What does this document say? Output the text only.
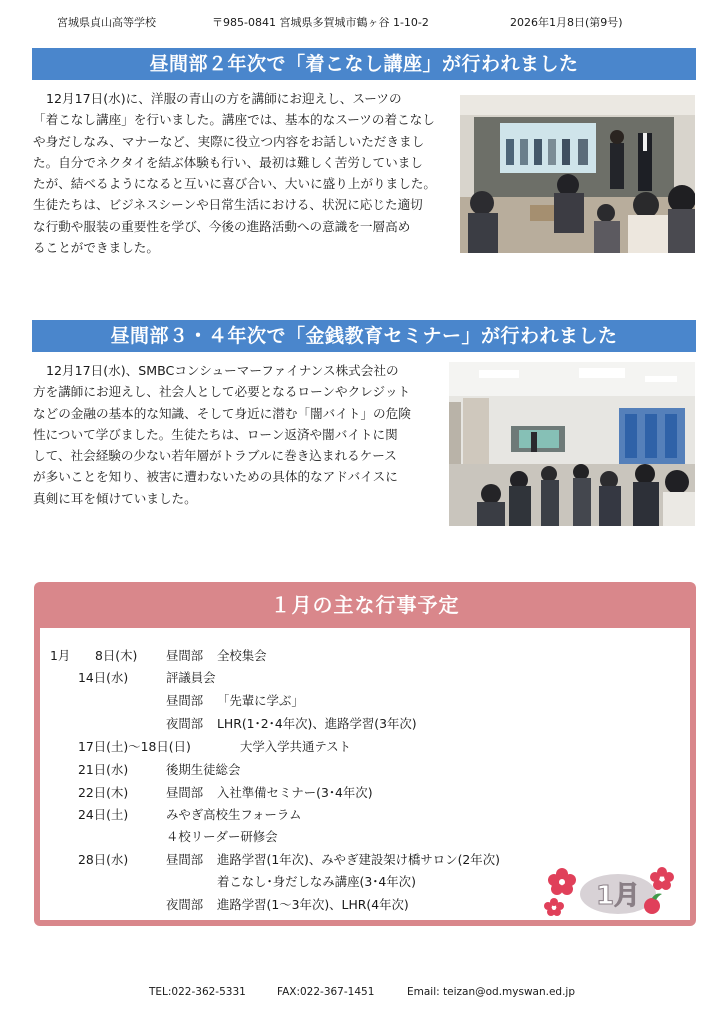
宮城県貞山高等学校	〒985-0841 宮城県多賀城市鶴ヶ谷 1-10-2	2026年1月8日(第9号)
昼間部２年次で「着こなし講座」が行われました
12月17日(水)に、洋服の青山の方を講師にお迎えし、スーツの
「着こなし講座」を行いました。講座では、基本的なスーツの着こなし
や身だしなみ、マナーなど、実際に役立つ内容をお話しいただきまし
た。自分でネクタイを結ぶ体験も行い、最初は難しく苦労していまし
たが、結べるようになると互いに喜び合い、大いに盛り上がりました。
生徒たちは、ビジネスシーンや日常生活における、状況に応じた適切
な行動や服装の重要性を学び、今後の進路活動への意識を一層高め
ることができました。
昼間部３・４年次で「金銭教育セミナー」が行われました
12月17日(水)、SMBCコンシューマーファイナンス株式会社の
方を講師にお迎えし、社会人として必要となるローンやクレジット
などの金融の基本的な知識、そして身近に潜む「闇バイト」の危険
性について学びました。生徒たちは、ローン返済や闇バイトに関
して、社会経験の少ない若年層がトラブルに巻き込まれるケース
が多いことを知り、被害に遭わないための具体的なアドバイスに
真剣に耳を傾けていました。
１月の主な行事予定
1月 8日(木) 昼間部 全校集会
14日(水)	評議員会
昼間部 「先輩に学ぶ」
夜間部 LHR(1･2･4年次)、進路学習(3年次)
17日(土)～18日(日)	大学入学共通テスト
21日(水)	後期生徒総会
22日(木)	昼間部 入社準備セミナー(3･4年次)
24日(土)	みやぎ高校生フォーラム
４校リーダー研修会
28日(水)	昼間部 進路学習(1年次)、みやぎ建設架け橋サロン(2年次)
着こなし･身だしなみ講座(3･4年次)
夜間部 進路学習(1～3年次)、LHR(4年次)	1月
TEL:022-362-5331	FAX:022-367-1451	Email: teizan@od.myswan.ed.jp
